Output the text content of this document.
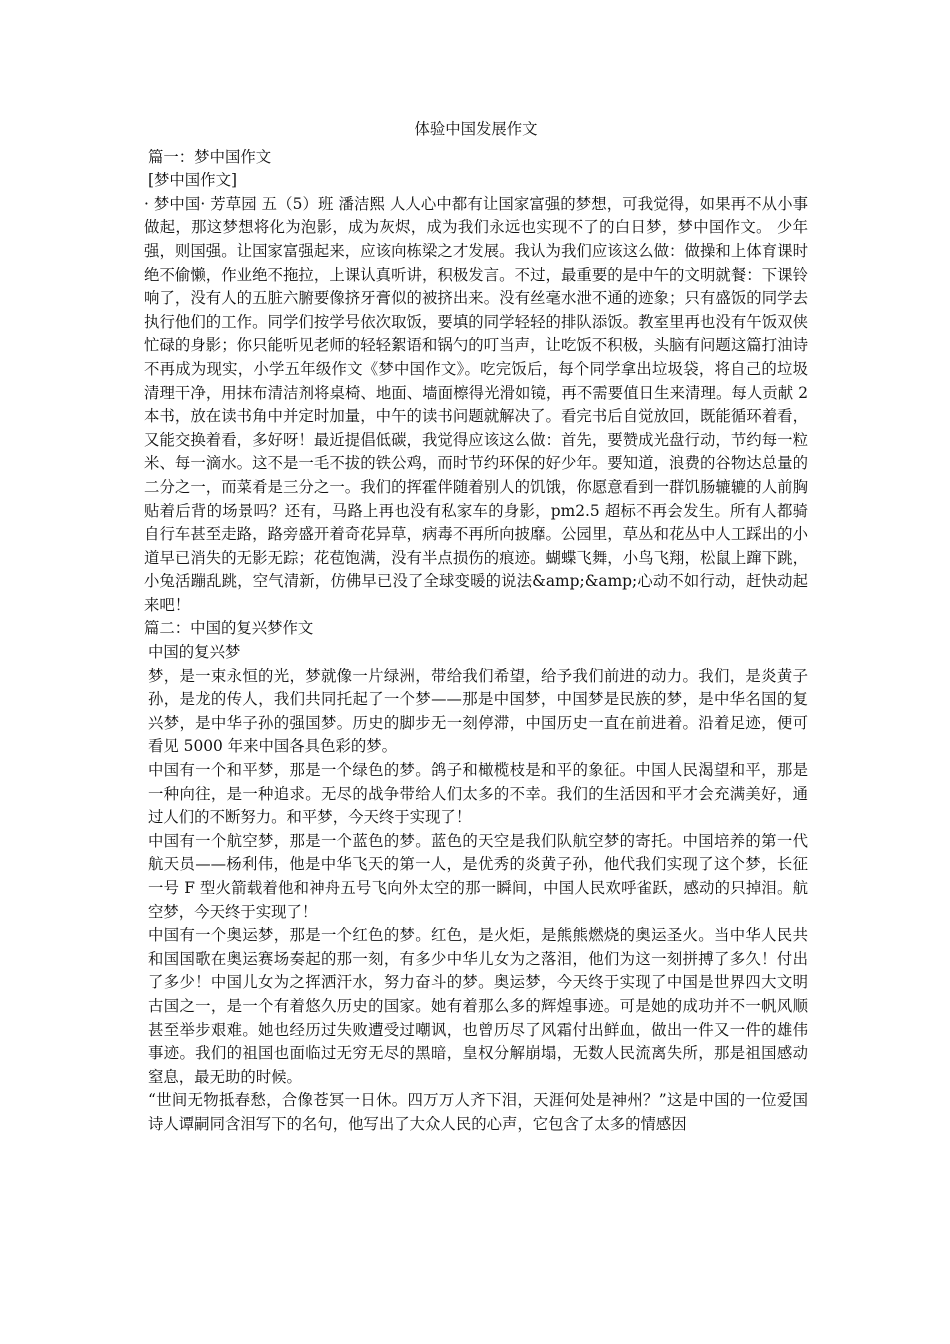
体验中国发展作文

篇一：梦中国作文

[梦中国作文]

· 梦中国· 芳草园 五（5）班 潘洁熙 人人心中都有让国家富强的梦想，可我觉得，如果再不从小事做起，那这梦想将化为泡影，成为灰烬，成为我们永远也实现不了的白日梦，梦中国作文。 少年强，则国强。让国家富强起来，应该向栋梁之才发展。我认为我们应该这么做：做操和上体育课时绝不偷懒，作业绝不拖拉，上课认真听讲，积极发言。不过，最重要的是中午的文明就餐：下课铃响了，没有人的五脏六腑要像挤牙膏似的被挤出来。没有丝毫水泄不通的迹象；只有盛饭的同学去执行他们的工作。同学们按学号依次取饭，要填的同学轻轻的排队添饭。教室里再也没有午饭双侠忙碌的身影；你只能听见老师的轻轻絮语和锅勺的叮当声，让吃饭不积极，头脑有问题这篇打油诗不再成为现实，小学五年级作文《梦中国作文》。吃完饭后，每个同学拿出垃圾袋，将自己的垃圾清理干净，用抹布清洁剂将桌椅、地面、墙面檫得光滑如镜，再不需要值日生来清理。每人贡献 2 本书，放在读书角中并定时加量，中午的读书问题就解决了。看完书后自觉放回，既能循环着看，又能交换着看，多好呀！最近提倡低碳，我觉得应该这么做：首先，要赞成光盘行动，节约每一粒米、每一滴水。这不是一毛不拔的铁公鸡，而时节约环保的好少年。要知道，浪费的谷物达总量的二分之一，而菜肴是三分之一。我们的挥霍伴随着别人的饥饿，你愿意看到一群饥肠辘辘的人前胸贴着后背的场景吗？还有，马路上再也没有私家车的身影，pm2.5 超标不再会发生。所有人都骑自行车甚至走路，路旁盛开着奇花异草，病毒不再所向披靡。公园里，草丛和花丛中人工踩出的小道早已消失的无影无踪；花苞饱满，没有半点损伤的痕迹。蝴蝶飞舞，小鸟飞翔，松鼠上蹿下跳，小兔活蹦乱跳，空气清新，仿佛早已没了全球变暖的说法&amp;&amp;心动不如行动，赶快动起来吧！

篇二：中国的复兴梦作文

中国的复兴梦

梦，是一束永恒的光，梦就像一片绿洲，带给我们希望，给予我们前进的动力。我们，是炎黄子孙，是龙的传人，我们共同托起了一个梦——那是中国梦，中国梦是民族的梦，是中华名国的复兴梦，是中华子孙的强国梦。历史的脚步无一刻停滞，中国历史一直在前进着。沿着足迹，便可看见 5000 年来中国各具色彩的梦。

中国有一个和平梦，那是一个绿色的梦。鸽子和橄榄枝是和平的象征。中国人民渴望和平，那是一种向往，是一种追求。无尽的战争带给人们太多的不幸。我们的生活因和平才会充满美好，通过人们的不断努力。和平梦，今天终于实现了！

中国有一个航空梦，那是一个蓝色的梦。蓝色的天空是我们队航空梦的寄托。中国培养的第一代航天员——杨利伟，他是中华飞天的第一人，是优秀的炎黄子孙，他代我们实现了这个梦，长征一号 F 型火箭载着他和神舟五号飞向外太空的那一瞬间，中国人民欢呼雀跃，感动的只掉泪。航空梦，今天终于实现了！

中国有一个奥运梦，那是一个红色的梦。红色，是火炬，是熊熊燃烧的奥运圣火。当中华人民共和国国歌在奥运赛场奏起的那一刻，有多少中华儿女为之落泪，他们为这一刻拼搏了多久！付出了多少！中国儿女为之挥洒汗水，努力奋斗的梦。奥运梦，今天终于实现了中国是世界四大文明古国之一，是一个有着悠久历史的国家。她有着那么多的辉煌事迹。可是她的成功并不一帆风顺甚至举步艰难。她也经历过失败遭受过嘲讽，也曾历尽了风霜付出鲜血，做出一件又一件的雄伟事迹。我们的祖国也面临过无穷无尽的黑暗，皇权分解崩塌，无数人民流离失所，那是祖国感动窒息，最无助的时候。

“世间无物抵春愁，合像苍冥一日休。四万万人齐下泪，天涯何处是神州？”这是中国的一位爱国诗人谭嗣同含泪写下的名句，他写出了大众人民的心声，它包含了太多的情感因
